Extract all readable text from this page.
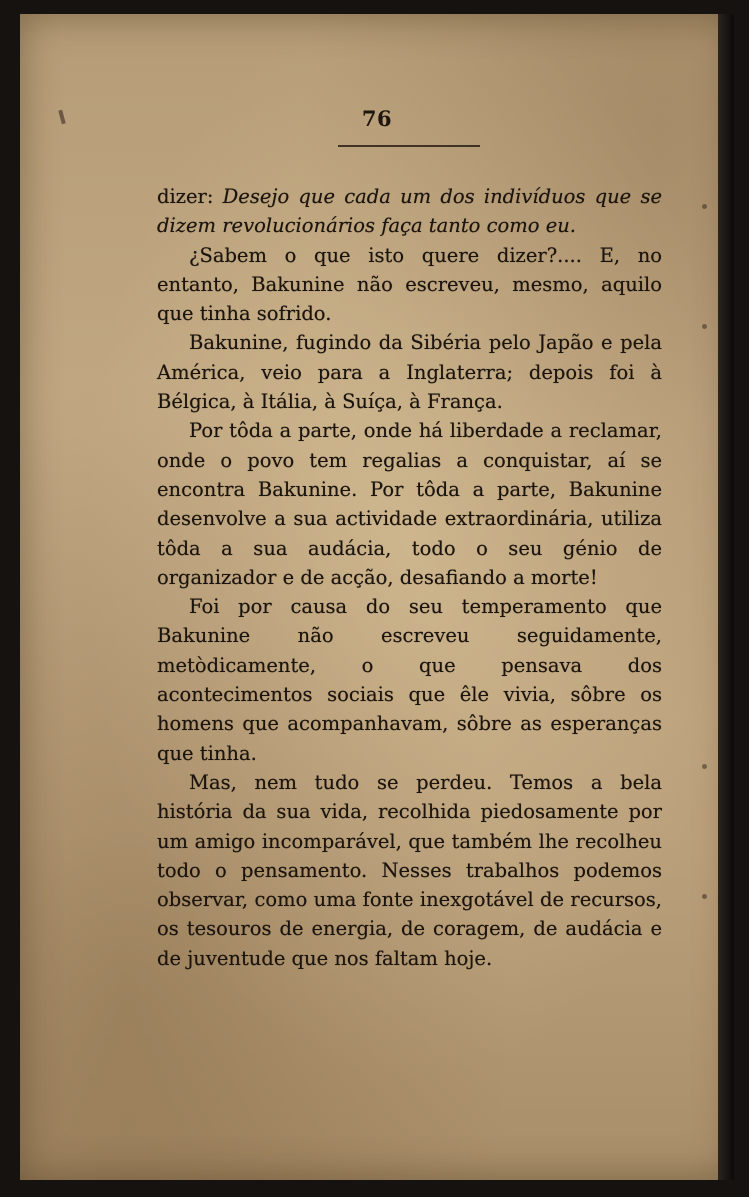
76

dizer: Desejo que cada um dos indivíduos que se dizem revolucionários faça tanto como eu.

¿Sabem o que isto quere dizer?.... E, no entanto, Bakunine não escreveu, mesmo, aquilo que tinha sofrido.

Bakunine, fugindo da Sibéria pelo Japão e pela América, veio para a Inglaterra; depois foi à Bélgica, à Itália, à Suíça, à França.

Por tôda a parte, onde há liberdade a reclamar, onde o povo tem regalias a conquistar, aí se encontra Bakunine. Por tôda a parte, Bakunine desenvolve a sua actividade extraordinária, utiliza tôda a sua audácia, todo o seu génio de organizador e de acção, desafiando a morte!

Foi por causa do seu temperamento que Bakunine não escreveu seguidamente, metòdicamente, o que pensava dos acontecimentos sociais que êle vivia, sôbre os homens que acompanhavam, sôbre as esperanças que tinha.

Mas, nem tudo se perdeu. Temos a bela história da sua vida, recolhida piedosamente por um amigo incomparável, que também lhe recolheu todo o pensamento. Nesses trabalhos podemos observar, como uma fonte inexgotável de recursos, os tesouros de energia, de coragem, de audácia e de juventude que nos faltam hoje.
